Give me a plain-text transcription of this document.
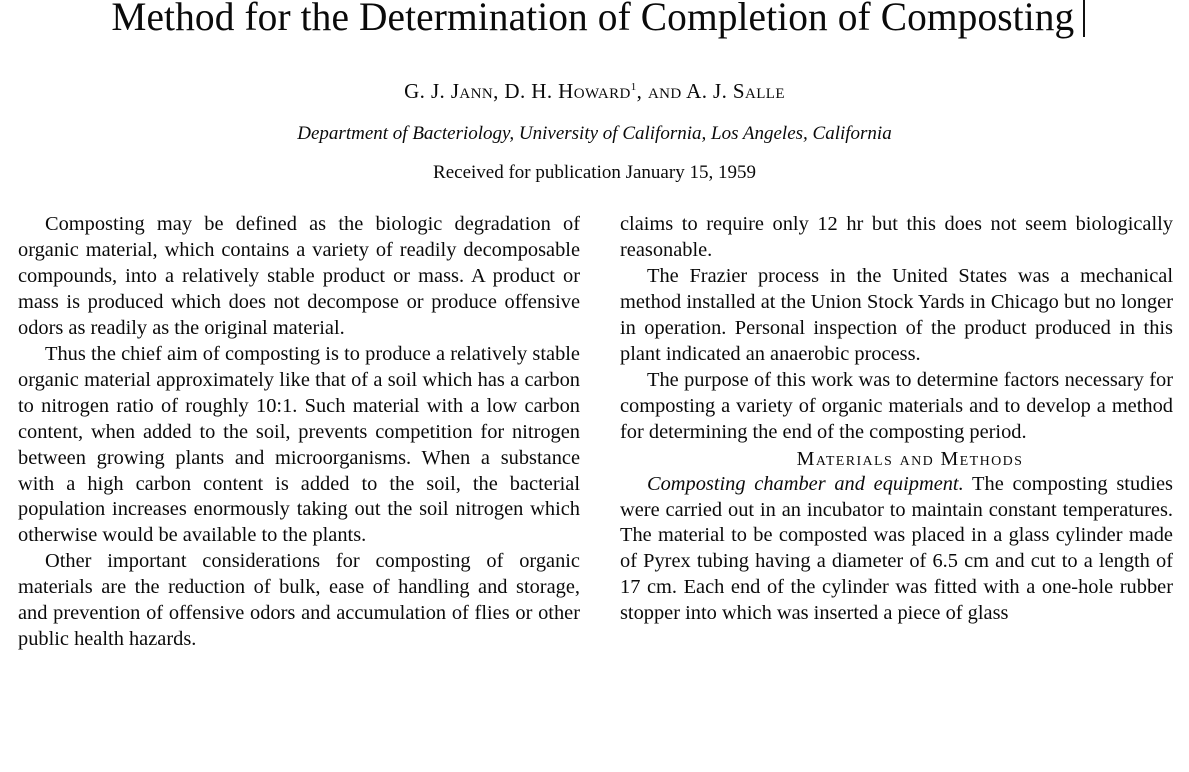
Method for the Determination of Completion of Composting
G. J. Jann, D. H. Howard$^1$, and A. J. Salle
Department of Bacteriology, University of California, Los Angeles, California
Received for publication January 15, 1959

Composting may be defined as the biologic degradation of organic material, which contains a variety of readily decomposable compounds, into a relatively stable product or mass. A product or mass is produced which does not decompose or produce offensive odors as readily as the original material.

Thus the chief aim of composting is to produce a relatively stable organic material approximately like that of a soil which has a carbon to nitrogen ratio of roughly 10:1. Such material with a low carbon content, when added to the soil, prevents competition for nitrogen between growing plants and microorganisms. When a substance with a high carbon content is added to the soil, the bacterial population increases enormously taking out the soil nitrogen which otherwise would be available to the plants.

Other important considerations for composting of organic materials are the reduction of bulk, ease of handling and storage, and prevention of offensive odors and accumulation of flies or other public health hazards.

claims to require only 12 hr but this does not seem biologically reasonable.

The Frazier process in the United States was a mechanical method installed at the Union Stock Yards in Chicago but no longer in operation. Personal inspection of the product produced in this plant indicated an anaerobic process.

The purpose of this work was to determine factors necessary for composting a variety of organic materials and to develop a method for determining the end of the composting period.

Materials and Methods

Composting chamber and equipment. The composting studies were carried out in an incubator to maintain constant temperatures. The material to be composted was placed in a glass cylinder made of Pyrex tubing having a diameter of 6.5 cm and cut to a length of 17 cm. Each end of the cylinder was fitted with a one-hole rubber stopper into which was inserted a piece of glass
